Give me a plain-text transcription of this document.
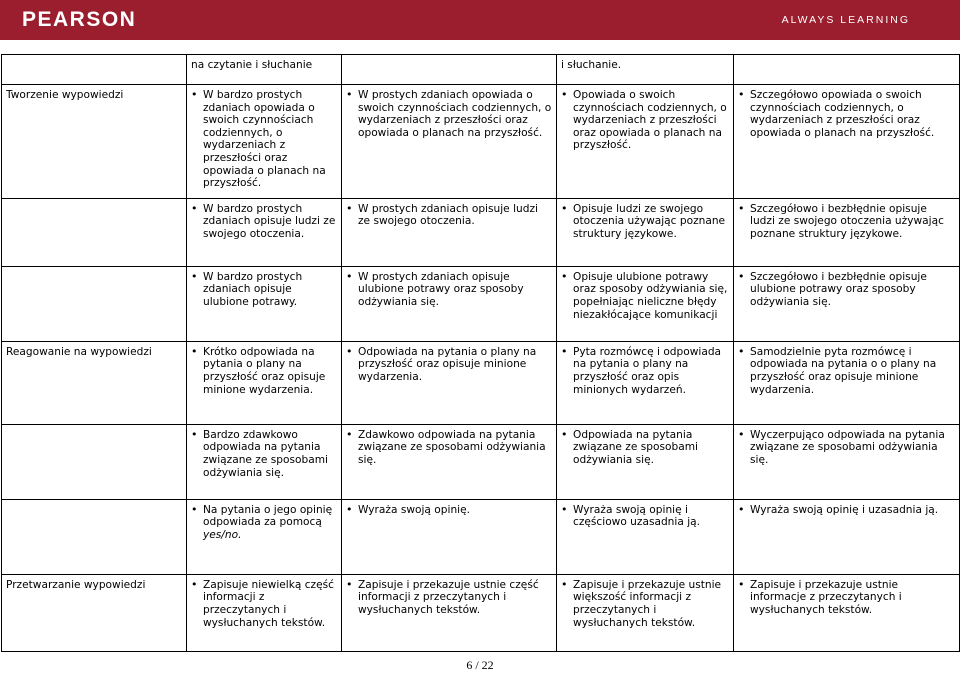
PEARSON	ALWAYS LEARNING
	na czytanie i słuchanie		i słuchanie.	
Tworzenie wypowiedzi	• W bardzo prostych zdaniach opowiada o swoich czynnościach codziennych, o wydarzeniach z przeszłości oraz opowiada o planach na przyszłość.	• W prostych zdaniach opowiada o swoich czynnościach codziennych, o wydarzeniach z przeszłości oraz opowiada o planach na przyszłość.	• Opowiada o swoich czynnościach codziennych, o wydarzeniach z przeszłości oraz opowiada o planach na przyszłość.	• Szczegółowo opowiada o swoich czynnościach codziennych, o wydarzeniach z przeszłości oraz opowiada o planach na przyszłość.

	• W bardzo prostych zdaniach opisuje ludzi ze swojego otoczenia.	• W prostych zdaniach opisuje ludzi ze swojego otoczenia.	• Opisuje ludzi ze swojego otoczenia używając poznane struktury językowe.	• Szczegółowo i bezbłędnie opisuje ludzi ze swojego otoczenia używając poznane struktury językowe.

	• W bardzo prostych zdaniach opisuje ulubione potrawy.	• W prostych zdaniach opisuje ulubione potrawy oraz sposoby odżywiania się.	• Opisuje ulubione potrawy oraz sposoby odżywiania się, popełniając nieliczne błędy niezakłócające komunikacji	• Szczegółowo i bezbłędnie opisuje ulubione potrawy oraz sposoby odżywiania się.

Reagowanie na wypowiedzi	• Krótko odpowiada na pytania o plany na przyszłość oraz opisuje minione wydarzenia.	• Odpowiada na pytania o plany na przyszłość oraz opisuje minione wydarzenia.	• Pyta rozmówcę i odpowiada na pytania o plany na przyszłość oraz opis minionych wydarzeń.	• Samodzielnie pyta rozmówcę i odpowiada na pytania o o plany na przyszłość oraz opisuje minione wydarzenia.

	• Bardzo zdawkowo odpowiada na pytania związane ze sposobami odżywiania się.	• Zdawkowo odpowiada na pytania związane ze sposobami odżywiania się.	• Odpowiada na pytania związane ze sposobami odżywiania się.	• Wyczerpująco odpowiada na pytania związane ze sposobami odżywiania się.

	• Na pytania o jego opinię odpowiada za pomocą yes/no.	• Wyraża swoją opinię.	• Wyraża swoją opinię i częściowo uzasadnia ją.	• Wyraża swoją opinię i uzasadnia ją.

Przetwarzanie wypowiedzi	• Zapisuje niewielką część informacji z przeczytanych i wysłuchanych tekstów.	• Zapisuje i przekazuje ustnie część informacji z przeczytanych i wysłuchanych tekstów.	• Zapisuje i przekazuje ustnie większość informacji z przeczytanych i wysłuchanych tekstów.	• Zapisuje i przekazuje ustnie informacje z przeczytanych i wysłuchanych tekstów.
6 / 22
